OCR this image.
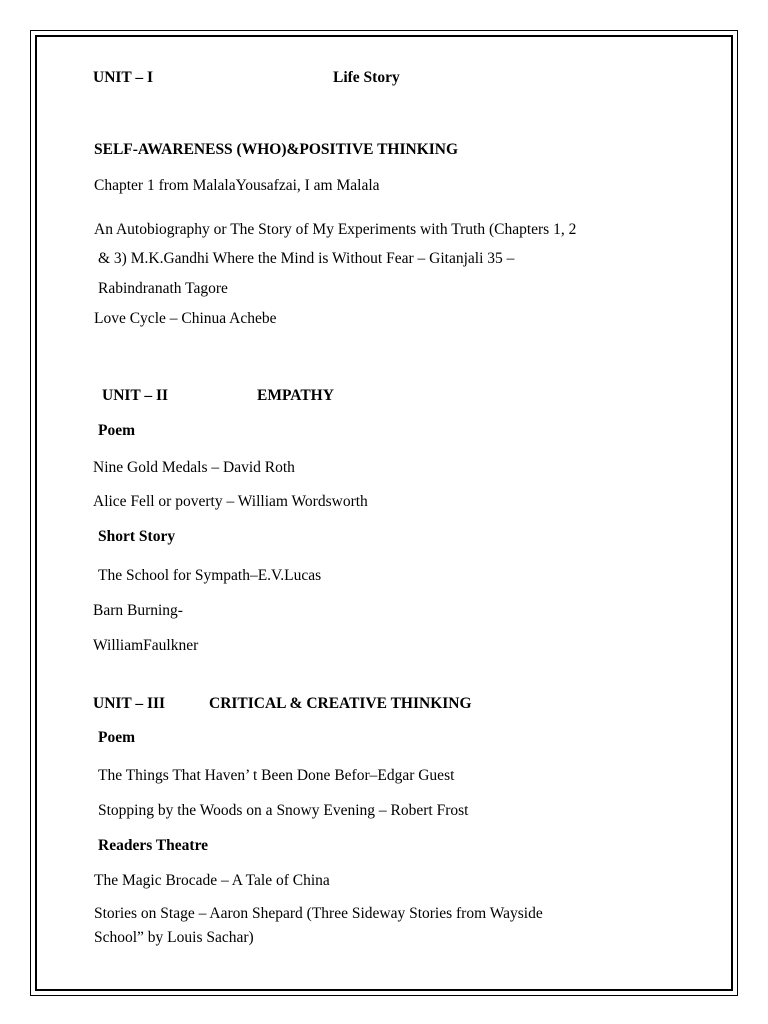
UNIT – I	Life Story
SELF-AWARENESS (WHO)&POSITIVE THINKING
Chapter 1 from MalalaYousafzai, I am Malala
An Autobiography or The Story of My Experiments with Truth (Chapters 1, 2
& 3) M.K.Gandhi Where the Mind is Without Fear – Gitanjali 35 –
Rabindranath Tagore
Love Cycle – Chinua Achebe
UNIT – II	EMPATHY
Poem
Nine Gold Medals – David Roth
Alice Fell or poverty – William Wordsworth
Short Story
The School for Sympath–E.V.Lucas
Barn Burning-
WilliamFaulkner
UNIT – III	CRITICAL & CREATIVE THINKING
Poem
The Things That Haven’ t Been Done Befor–Edgar Guest
Stopping by the Woods on a Snowy Evening – Robert Frost
Readers Theatre
The Magic Brocade – A Tale of China
Stories on Stage – Aaron Shepard (Three Sideway Stories from Wayside
School” by Louis Sachar)
